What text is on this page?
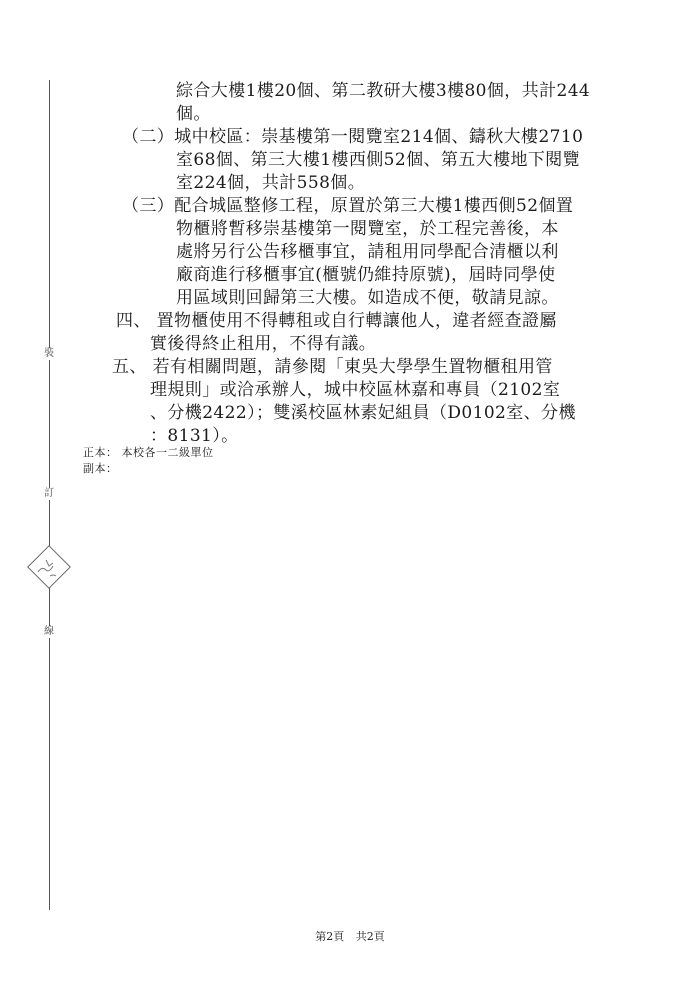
裝
訂
線
綜合大樓1樓20個、第二教研大樓3樓80個，共計244
個。
（二）城中校區：崇基樓第一閱覽室214個、鑄秋大樓2710
室68個、第三大樓1樓西側52個、第五大樓地下閱覽
室224個，共計558個。
（三）配合城區整修工程，原置於第三大樓1樓西側52個置
物櫃將暫移崇基樓第一閱覽室，於工程完善後，本
處將另行公告移櫃事宜，請租用同學配合清櫃以利
廠商進行移櫃事宜(櫃號仍維持原號)，屆時同學使
用區域則回歸第三大樓。如造成不便，敬請見諒。
四、 置物櫃使用不得轉租或自行轉讓他人，違者經查證屬
實後得終止租用，不得有議。
五、 若有相關問題，請參閱「東吳大學學生置物櫃租用管
理規則」或洽承辦人，城中校區林嘉和專員（2102室
、分機2422）；雙溪校區林素妃組員（D0102室、分機
：8131）。
正本： 本校各一二級單位
副本：
第2頁 共2頁
